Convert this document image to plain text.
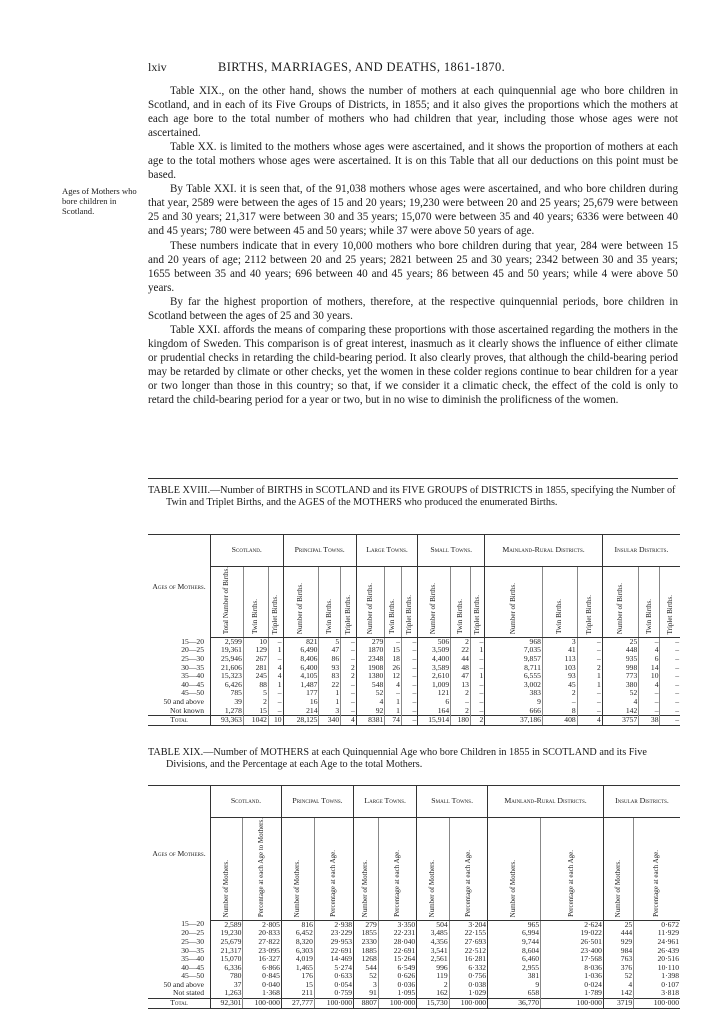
lxiv	BIRTHS, MARRIAGES, AND DEATHS, 1861-1870.
Ages of Mothers who bore children in Scotland.

Table XIX., on the other hand, shows the number of mothers at each quinquennial age who bore children in Scotland, and in each of its Five Groups of Districts, in 1855; and it also gives the proportions which the mothers at each age bore to the total number of mothers who had children that year, including those whose ages were not ascertained.

Table XX. is limited to the mothers whose ages were ascertained, and it shows the proportion of mothers at each age to the total mothers whose ages were ascertained. It is on this Table that all our deductions on this point must be based.

By Table XXI. it is seen that, of the 91,038 mothers whose ages were ascertained, and who bore children during that year, 2589 were between the ages of 15 and 20 years; 19,230 were between 20 and 25 years; 25,679 were between 25 and 30 years; 21,317 were between 30 and 35 years; 15,070 were between 35 and 40 years; 6336 were between 40 and 45 years; 780 were between 45 and 50 years; while 37 were above 50 years of age.

These numbers indicate that in every 10,000 mothers who bore children during that year, 284 were between 15 and 20 years of age; 2112 between 20 and 25 years; 2821 between 25 and 30 years; 2342 between 30 and 35 years; 1655 between 35 and 40 years; 696 between 40 and 45 years; 86 between 45 and 50 years; while 4 were above 50 years.

By far the highest proportion of mothers, therefore, at the respective quinquennial periods, bore children in Scotland between the ages of 25 and 30 years.

Table XXI. affords the means of comparing these proportions with those ascertained regarding the mothers in the kingdom of Sweden. This comparison is of great interest, inasmuch as it clearly shows the influence of either climate or prudential checks in retarding the child-bearing period. It also clearly proves, that although the child-bearing period may be retarded by climate or other checks, yet the women in these colder regions continue to bear children for a year or two longer than those in this country; so that, if we consider it a climatic check, the effect of the cold is only to retard the child-bearing period for a year or two, but in no wise to diminish the prolificness of the women.

TABLE XVIII.—Number of BIRTHS in SCOTLAND and its FIVE GROUPS of DISTRICTS in 1855, specifying the Number of Twin and Triplet Births, and the AGES of the MOTHERS who produced the enumerated Births.
Ages of Mothers.	Scotland.			Principal Towns.			Large Towns.			Small Towns.			Mainland-Rural Districts.			Insular Districts.		
	Total Number of Births.	Twin Births.	Triplet Births.	Number of Births.	Twin Births.	Triplet Births.	Number of Births.	Twin Births.	Triplet Births.	Number of Births.	Twin Births.	Triplet Births.	Number of Births.	Twin Births.	Triplet Births.	Number of Births.	Twin Births.	Triplet Births.
15—20	2,599	10	–	821	5	–	279	–	–	506	2	–	968	3	–	25	–	–
20—25	19,361	129	1	6,490	47	–	1870	15	–	3,509	22	1	7,035	41	–	448	4	–
25—30	25,946	267	–	8,406	86	–	2348	18	–	4,400	44	–	9,857	113	–	935	6	–
30—35	21,606	281	4	6,400	93	2	1908	26	–	3,589	48	–	8,711	103	2	998	14	–
35—40	15,323	245	4	4,105	83	2	1380	12	–	2,610	47	1	6,555	93	1	773	10	–
40—45	6,426	88	1	1,487	22	–	548	4	–	1,009	13	–	3,002	45	1	380	4	–
45—50	785	5	–	177	1	–	52	–	–	121	2	–	383	2	–	52	–	–
50 and above	39	2	–	16	1	–	4	1	–	6	–	–	9	–	–	4	–	–
Not known	1,278	15	–	214	3	–	92	1	–	164	2	–	666	8	–	142	–	–
Total	93,363	1042	10	28,125	340	4	8381	74	–	15,914	180	2	37,186	408	4	3757	38	–
TABLE XIX.—Number of MOTHERS at each Quinquennial Age who bore Children in 1855 in SCOTLAND and its Five Divisions, and the Percentage at each Age to the total Mothers.
Ages of Mothers.	Scotland.		Principal Towns.		Large Towns.		Small Towns.		Mainland-Rural Districts.		Insular Districts.	
	Number of Mothers.	Percentage at each Age to Mothers.	Number of Mothers.	Percentage at each Age.	Number of Mothers.	Percentage at each Age.	Number of Mothers.	Percentage at each Age.	Number of Mothers.	Percentage at each Age.	Number of Mothers.	Percentage at each Age.
15—20	2,589	2·805	816	2·938	279	3·350	504	3·204	965	2·624	25	0·672
20—25	19,230	20·833	6,452	23·229	1855	22·231	3,485	22·155	6,994	19·022	444	11·929
25—30	25,679	27·822	8,320	29·953	2330	28·040	4,356	27·693	9,744	26·501	929	24·961
30—35	21,317	23·095	6,303	22·691	1885	22·691	3,541	22·512	8,604	23·400	984	26·439
35—40	15,070	16·327	4,019	14·469	1268	15·264	2,561	16·281	6,460	17·568	763	20·516
40—45	6,336	6·866	1,465	5·274	544	6·549	996	6·332	2,955	8·036	376	10·110
45—50	780	0·845	176	0·633	52	0·626	119	0·756	381	1·036	52	1·398
50 and above	37	0·040	15	0·054	3	0·036	2	0·038	9	0·024	4	0·107
Not stated	1,263	1·368	211	0·759	91	1·095	162	1·029	658	1·789	142	3·818
Total	92,301	100·000	27,777	100·000	8807	100·000	15,730	100·000	36,770	100·000	3719	100·000
